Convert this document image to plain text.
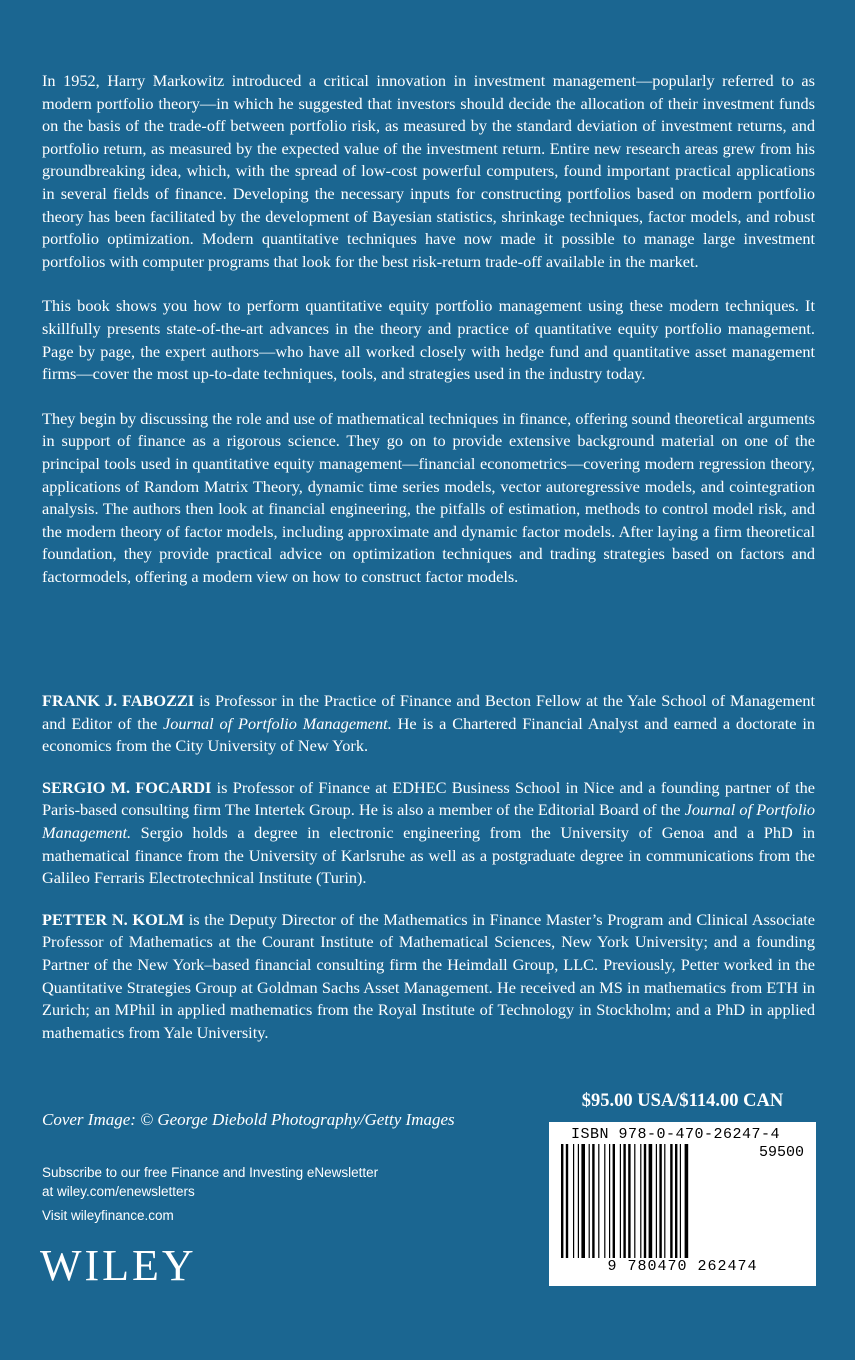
In 1952, Harry Markowitz introduced a critical innovation in investment management—popularly referred to as modern portfolio theory—in which he suggested that investors should decide the allocation of their investment funds on the basis of the trade-off between portfolio risk, as measured by the standard deviation of investment returns, and portfolio return, as measured by the expected value of the investment return. Entire new research areas grew from his groundbreaking idea, which, with the spread of low-cost powerful computers, found important practical applications in several fields of finance. Developing the necessary inputs for constructing portfolios based on modern portfolio theory has been facilitated by the development of Bayesian statistics, shrinkage techniques, factor models, and robust portfolio optimization. Modern quantitative techniques have now made it possible to manage large investment portfolios with computer programs that look for the best risk-return trade-off available in the market.

This book shows you how to perform quantitative equity portfolio management using these modern techniques. It skillfully presents state-of-the-art advances in the theory and practice of quantitative equity portfolio management. Page by page, the expert authors—who have all worked closely with hedge fund and quantitative asset management firms—cover the most up-to-date techniques, tools, and strategies used in the industry today.

They begin by discussing the role and use of mathematical techniques in finance, offering sound theoretical arguments in support of finance as a rigorous science. They go on to provide extensive background material on one of the principal tools used in quantitative equity management—financial econometrics—covering modern regression theory, applications of Random Matrix Theory, dynamic time series models, vector autoregressive models, and cointegration analysis. The authors then look at financial engineering, the pitfalls of estimation, methods to control model risk, and the modern theory of factor models, including approximate and dynamic factor models. After laying a firm theoretical foundation, they provide practical advice on optimization techniques and trading strategies based on factors and factormodels, offering a modern view on how to construct factor models.

FRANK J. FABOZZI is Professor in the Practice of Finance and Becton Fellow at the Yale School of Management and Editor of the Journal of Portfolio Management. He is a Chartered Financial Analyst and earned a doctorate in economics from the City University of New York.

SERGIO M. FOCARDI is Professor of Finance at EDHEC Business School in Nice and a founding partner of the Paris-based consulting firm The Intertek Group. He is also a member of the Editorial Board of the Journal of Portfolio Management. Sergio holds a degree in electronic engineering from the University of Genoa and a PhD in mathematical finance from the University of Karlsruhe as well as a postgraduate degree in communications from the Galileo Ferraris Electrotechnical Institute (Turin).

PETTER N. KOLM is the Deputy Director of the Mathematics in Finance Master’s Program and Clinical Associate Professor of Mathematics at the Courant Institute of Mathematical Sciences, New York University; and a founding Partner of the New York–based financial consulting firm the Heimdall Group, LLC. Previously, Petter worked in the Quantitative Strategies Group at Goldman Sachs Asset Management. He received an MS in mathematics from ETH in Zurich; an MPhil in applied mathematics from the Royal Institute of Technology in Stockholm; and a PhD in applied mathematics from Yale University.

Cover Image: © George Diebold Photography/Getty Images
Subscribe to our free Finance and Investing eNewsletter
at wiley.com/enewsletters
Visit wileyfinance.com
WILEY
$95.00 USA/$114.00 CAN
ISBN 978-0-470-26247-4
59500
9 780470 262474
